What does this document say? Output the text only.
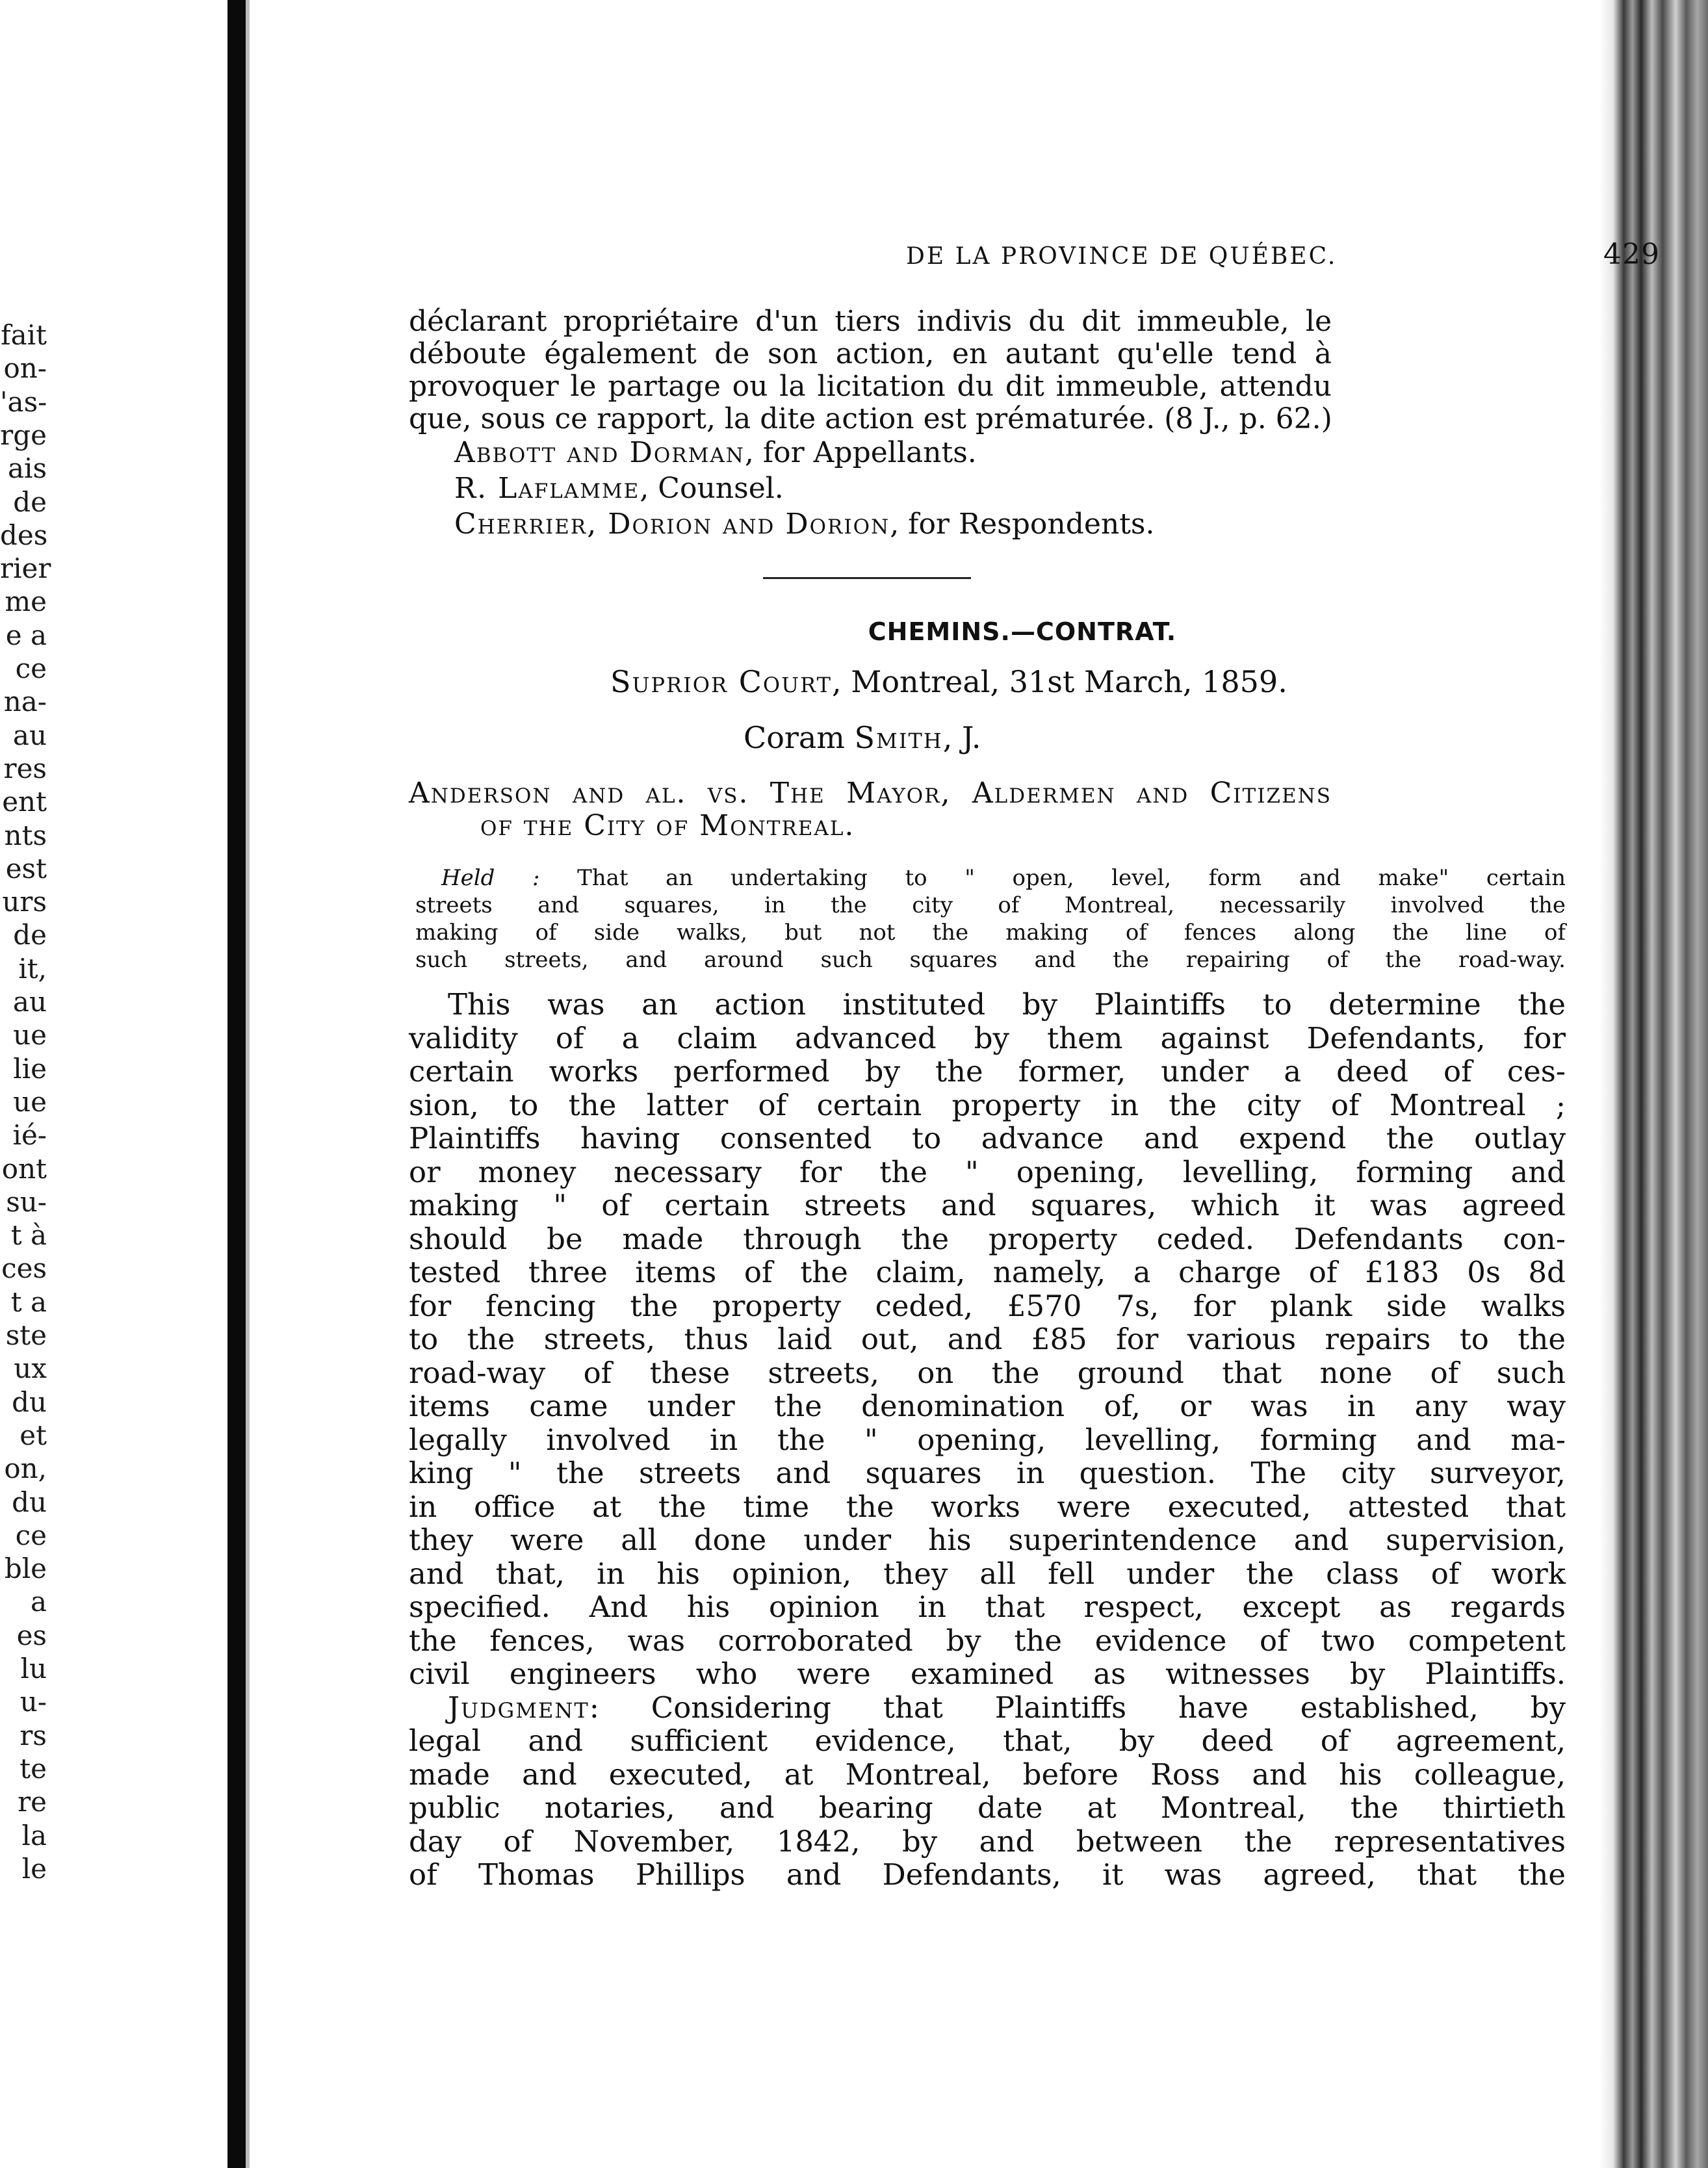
fait
on-
'as-
rge
ais
de
des
rier
me
e a
ce
na-
au
res
ent
nts
est
urs
de
it,
au
ue
lie
ue
ié-
ont
su-
t à
ces
t a
ste
ux
du
et
on,
du
ce
ble
a
es
lu
u-
rs
te
re
la
le
DE LA PROVINCE DE QUÉBEC.	429
déclarant propriétaire d'un tiers indivis du dit immeuble, le
déboute également de son action, en autant qu'elle tend à
provoquer le partage ou la licitation du dit immeuble, attendu
que, sous ce rapport, la dite action est prématurée. (8 J., p. 62.)
Abbott and Dorman, for Appellants.
R. Laflamme, Counsel.
Cherrier, Dorion and Dorion, for Respondents.
CHEMINS.—CONTRAT.
Suprior Court, Montreal, 31st March, 1859.
Coram Smith, J.
Anderson and al. vs. The Mayor, Aldermen and Citizens
of the City of Montreal.
Held : That an undertaking to " open, level, form and make" certain
streets and squares, in the city of Montreal, necessarily involved the
making of side walks, but not the making of fences along the line of
such streets, and around such squares and the repairing of the road-way.
This was an action instituted by Plaintiffs to determine the
validity of a claim advanced by them against Defendants, for
certain works performed by the former, under a deed of ces-
sion, to the latter of certain property in the city of Montreal ;
Plaintiffs having consented to advance and expend the outlay
or money necessary for the " opening, levelling, forming and
making " of certain streets and squares, which it was agreed
should be made through the property ceded. Defendants con-
tested three items of the claim, namely, a charge of £183 0s 8d
for fencing the property ceded, £570 7s, for plank side walks
to the streets, thus laid out, and £85 for various repairs to the
road-way of these streets, on the ground that none of such
items came under the denomination of, or was in any way
legally involved in the " opening, levelling, forming and ma-
king " the streets and squares in question. The city surveyor,
in office at the time the works were executed, attested that
they were all done under his superintendence and supervision,
and that, in his opinion, they all fell under the class of work
specified. And his opinion in that respect, except as regards
the fences, was corroborated by the evidence of two competent
civil engineers who were examined as witnesses by Plaintiffs.
Judgment: Considering that Plaintiffs have established, by
legal and sufficient evidence, that, by deed of agreement,
made and executed, at Montreal, before Ross and his colleague,
public notaries, and bearing date at Montreal, the thirtieth
day of November, 1842, by and between the representatives
of Thomas Phillips and Defendants, it was agreed, that the
